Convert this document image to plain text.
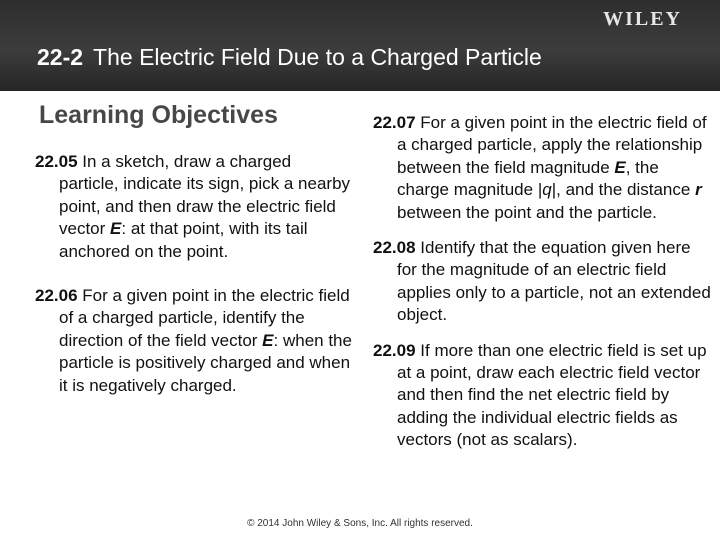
WILEY
22-2 The Electric Field Due to a Charged Particle
Learning Objectives

22.05 In a sketch, draw a charged particle, indicate its sign, pick a nearby point, and then draw the electric field vector E: at that point, with its tail anchored on the point.

22.06 For a given point in the electric field of a charged particle, identify the direction of the field vector E: when the particle is positively charged and when it is negatively charged.

22.07 For a given point in the electric field of a charged particle, apply the relationship between the field magnitude E, the charge magnitude |q|, and the distance r between the point and the particle.

22.08 Identify that the equation given here for the magnitude of an electric field applies only to a particle, not an extended object.

22.09 If more than one electric field is set up at a point, draw each electric field vector and then find the net electric field by adding the individual electric fields as vectors (not as scalars).

© 2014 John Wiley & Sons, Inc. All rights reserved.
